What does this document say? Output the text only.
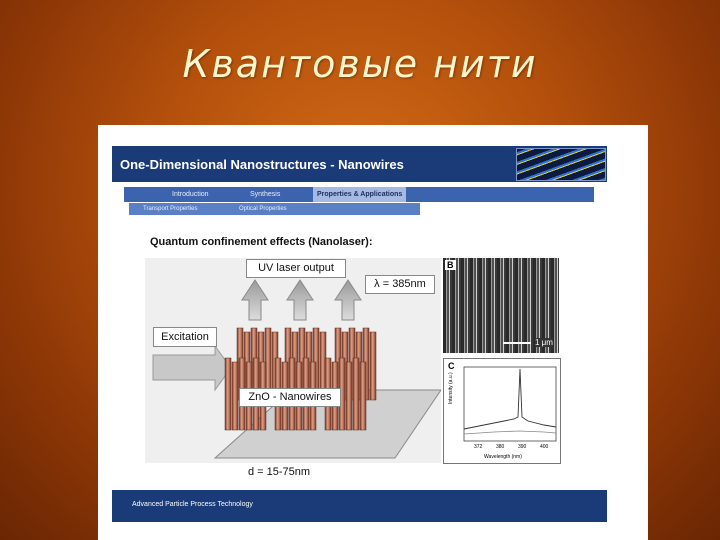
Квантовые нити
One-Dimensional Nanostructures - Nanowires
Introduction	Synthesis	Properties & Applications
Transport Properties	Optical Properties
Quantum confinement effects (Nanolaser):
UV laser output
λ = 385nm
Excitation
ZnO - Nanowires
B
1 μm
C
Intensity (a.u.)
Wavelength (nm)
372	380	390	400
d = 15-75nm
Advanced Particle Process Technology
